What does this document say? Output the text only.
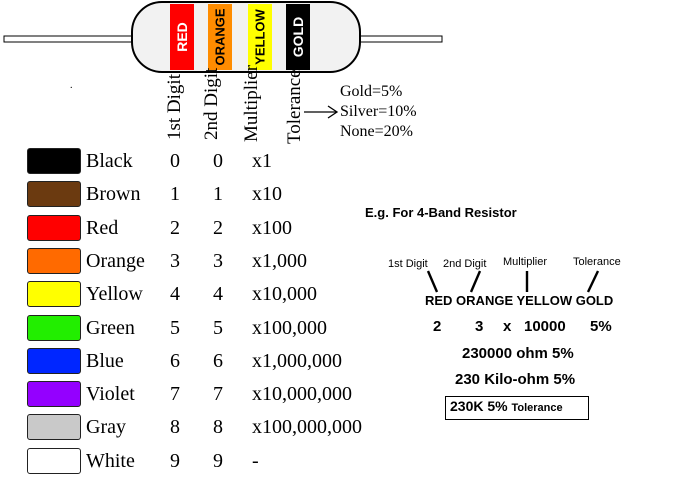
RED ORANGE YELLOW GOLD
1st Digit 2nd Digit Multiplier Tolerance Gold=5%
Silver=10%
None=20%
.
Black 0 0 x1
Brown 1 1 x10
Red	2 2 x100
Orange 3 3 x1,000
Yellow 4 4 x10,000
Green 5 5 x100,000
Blue 6 6 x1,000,000
Violet 7 7 x10,000,000
Gray 8 8 x100,000,000
White 9 9 -
E.g. For 4-Band Resistor
1st Digit 2nd Digit Multiplier Tolerance
RED ORANGE YELLOW GOLD
2 3 x 10000 5%
230000 ohm 5%
230 Kilo-ohm 5%
230K 5% Tolerance
